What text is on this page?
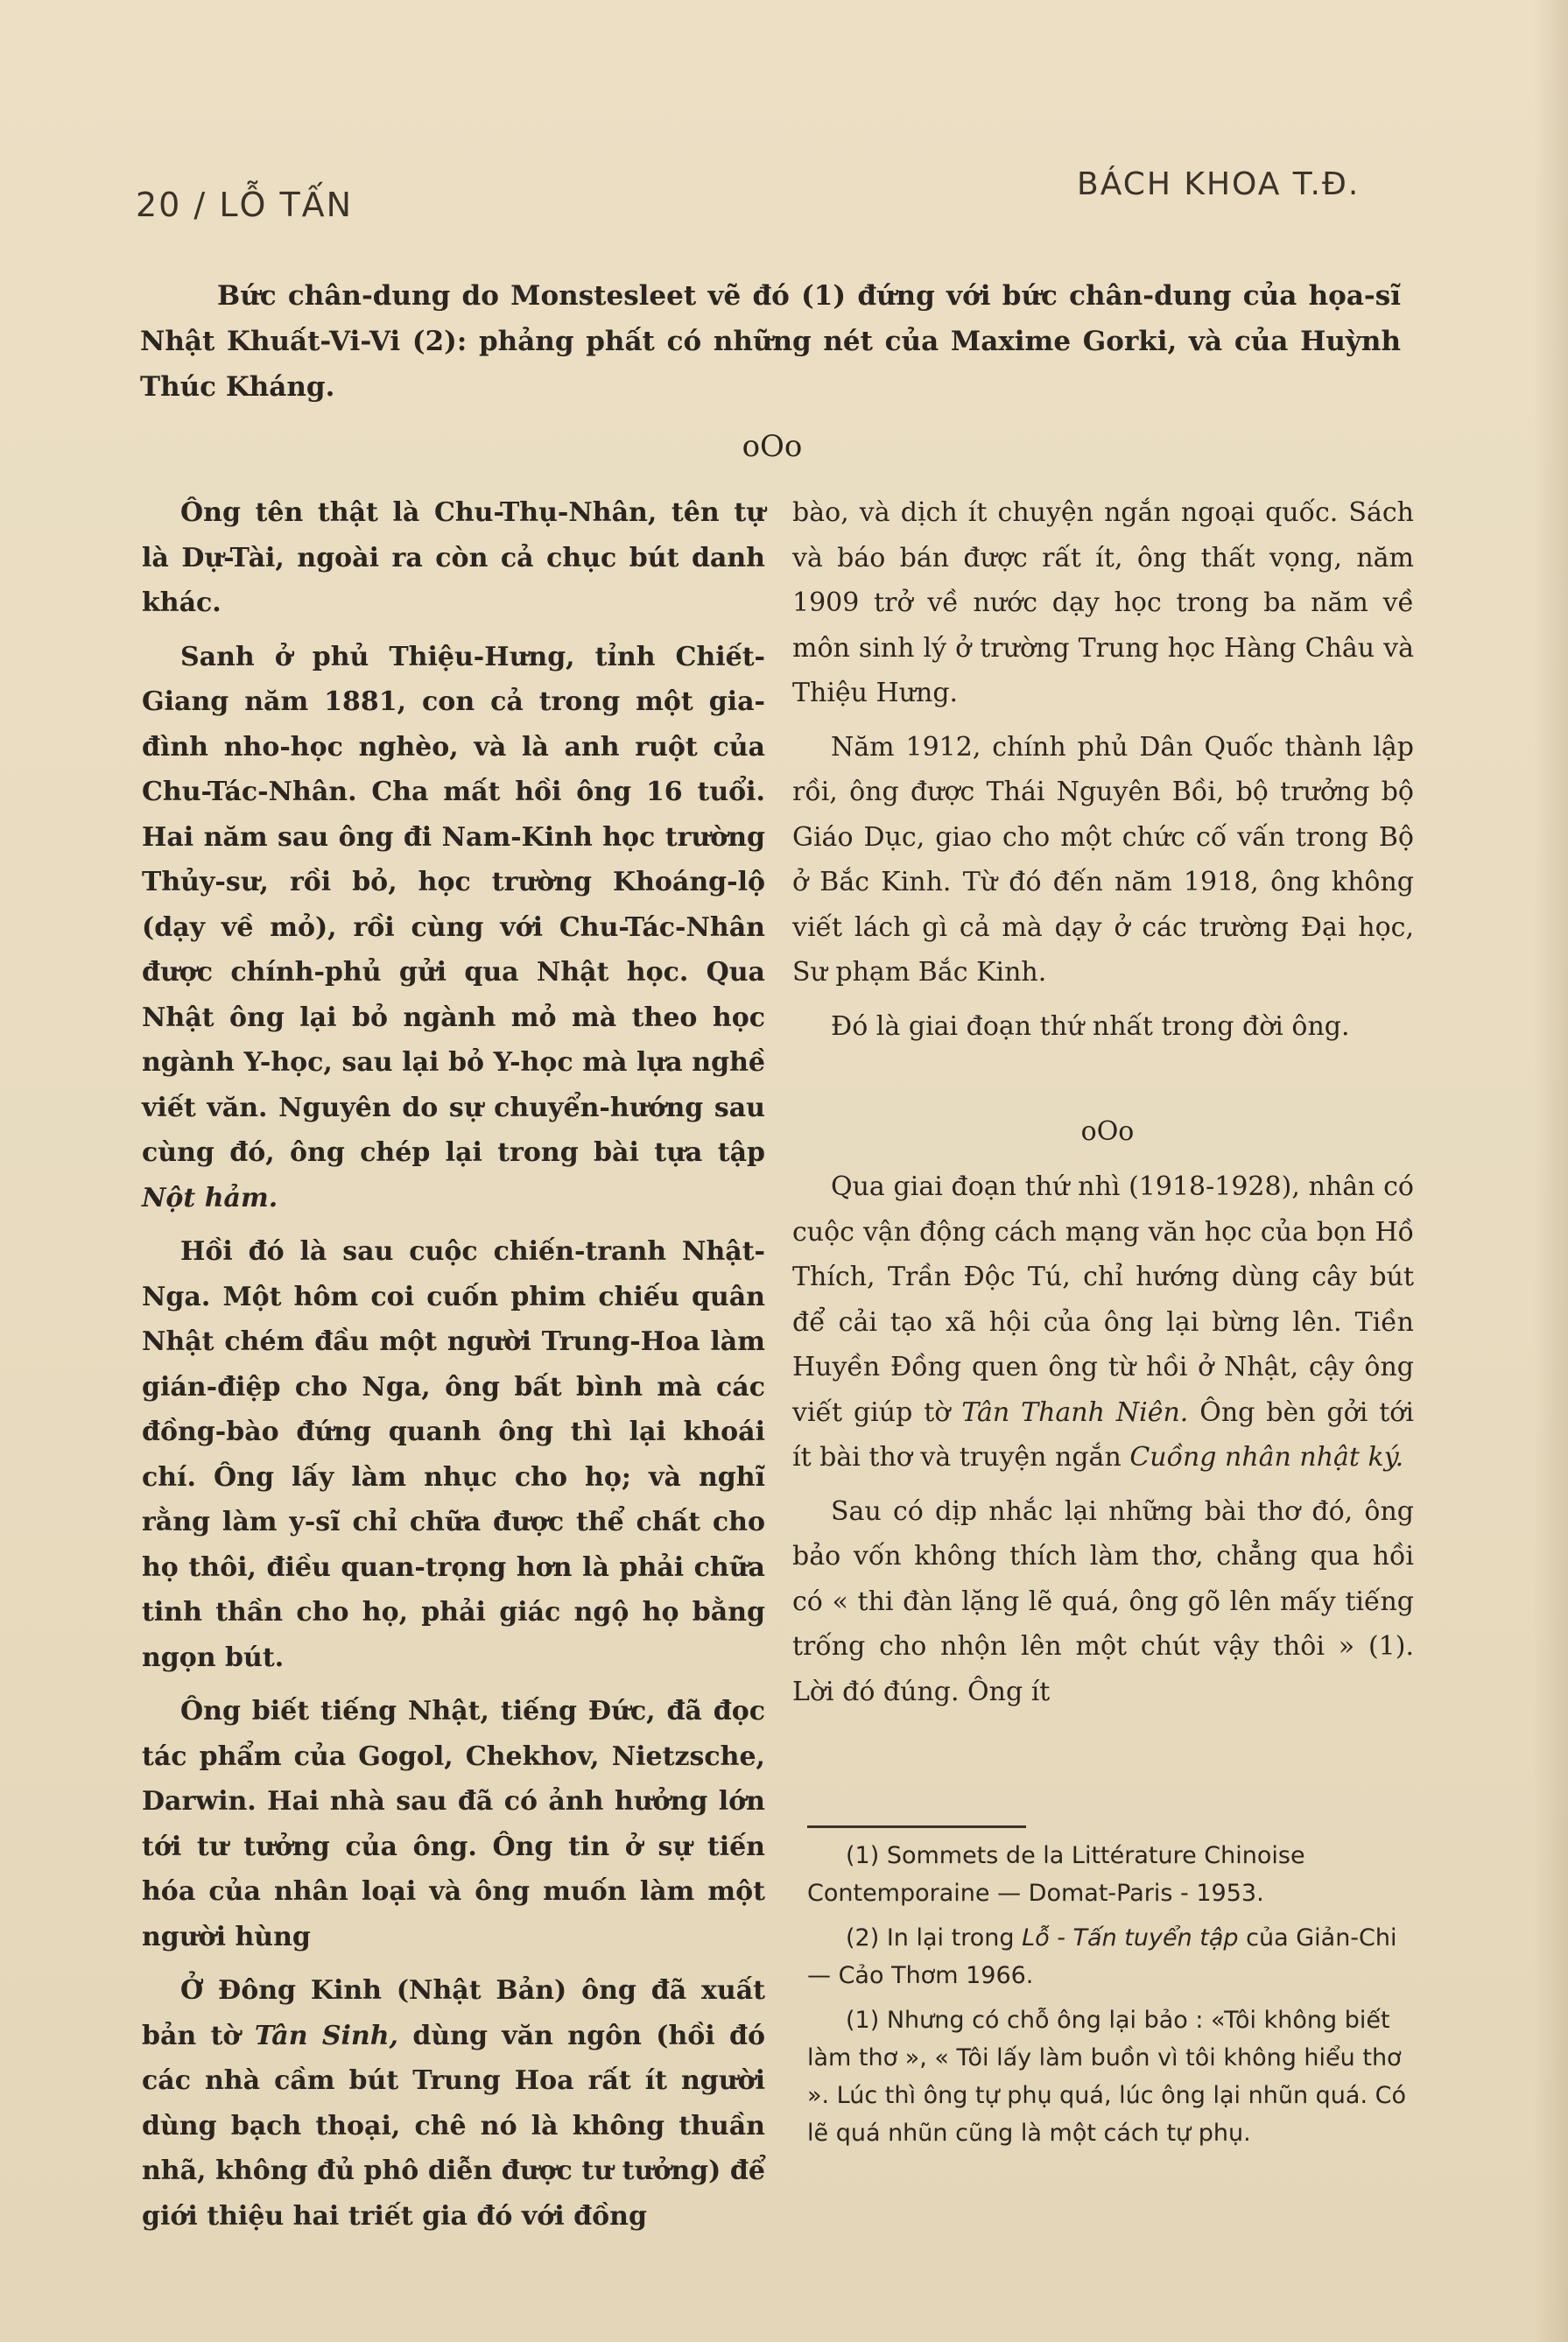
20 / LỖ TẤN
BÁCH KHOA T.Đ.
Bức chân-dung do Monstesleet vẽ đó (1) đứng với bức chân-dung của họa-sĩ Nhật Khuất-Vi-Vi (2): phảng phất có những nét của Maxime Gorki, và của Huỳnh Thúc Kháng.
oOo

Ông tên thật là Chu-Thụ-Nhân, tên tự là Dự-Tài, ngoài ra còn cả chục bút danh khác.

Sanh ở phủ Thiệu-Hưng, tỉnh Chiết-Giang năm 1881, con cả trong một gia-đình nho-học nghèo, và là anh ruột của Chu-Tác-Nhân. Cha mất hồi ông 16 tuổi. Hai năm sau ông đi Nam-Kinh học trường Thủy-sư, rồi bỏ, học trường Khoáng-lộ (dạy về mỏ), rồi cùng với Chu-Tác-Nhân được chính-phủ gửi qua Nhật học. Qua Nhật ông lại bỏ ngành mỏ mà theo học ngành Y-học, sau lại bỏ Y-học mà lựa nghề viết văn. Nguyên do sự chuyển-hướng sau cùng đó, ông chép lại trong bài tựa tập Nột hảm.

Hồi đó là sau cuộc chiến-tranh Nhật-Nga. Một hôm coi cuốn phim chiếu quân Nhật chém đầu một người Trung-Hoa làm gián-điệp cho Nga, ông bất bình mà các đồng-bào đứng quanh ông thì lại khoái chí. Ông lấy làm nhục cho họ; và nghĩ rằng làm y-sĩ chỉ chữa được thể chất cho họ thôi, điều quan-trọng hơn là phải chữa tinh thần cho họ, phải giác ngộ họ bằng ngọn bút.

Ông biết tiếng Nhật, tiếng Đức, đã đọc tác phẩm của Gogol, Chekhov, Nietzsche, Darwin. Hai nhà sau đã có ảnh hưởng lớn tới tư tưởng của ông. Ông tin ở sự tiến hóa của nhân loại và ông muốn làm một người hùng

Ở Đông Kinh (Nhật Bản) ông đã xuất bản tờ Tân Sinh, dùng văn ngôn (hồi đó các nhà cầm bút Trung Hoa rất ít người dùng bạch thoại, chê nó là không thuần nhã, không đủ phô diễn được tư tưởng) để giới thiệu hai triết gia đó với đồng

bào, và dịch ít chuyện ngắn ngoại quốc. Sách và báo bán được rất ít, ông thất vọng, năm 1909 trở về nước dạy học trong ba năm về môn sinh lý ở trường Trung học Hàng Châu và Thiệu Hưng.

Năm 1912, chính phủ Dân Quốc thành lập rồi, ông được Thái Nguyên Bồi, bộ trưởng bộ Giáo Dục, giao cho một chức cố vấn trong Bộ ở Bắc Kinh. Từ đó đến năm 1918, ông không viết lách gì cả mà dạy ở các trường Đại học, Sư phạm Bắc Kinh.

Đó là giai đoạn thứ nhất trong đời ông.

oOo

Qua giai đoạn thứ nhì (1918-1928), nhân có cuộc vận động cách mạng văn học của bọn Hồ Thích, Trần Độc Tú, chỉ hướng dùng cây bút để cải tạo xã hội của ông lại bừng lên. Tiền Huyền Đồng quen ông từ hồi ở Nhật, cậy ông viết giúp tờ Tân Thanh Niên. Ông bèn gởi tới ít bài thơ và truyện ngắn Cuồng nhân nhật ký.

Sau có dịp nhắc lại những bài thơ đó, ông bảo vốn không thích làm thơ, chẳng qua hồi có « thi đàn lặng lẽ quá, ông gõ lên mấy tiếng trống cho nhộn lên một chút vậy thôi » (1). Lời đó đúng. Ông ít

(1) Sommets de la Littérature Chinoise Contemporaine — Domat-Paris - 1953.

(2) In lại trong Lỗ - Tấn tuyển tập của Giản-Chi — Cảo Thơm 1966.

(1) Nhưng có chỗ ông lại bảo : «Tôi không biết làm thơ », « Tôi lấy làm buồn vì tôi không hiểu thơ ». Lúc thì ông tự phụ quá, lúc ông lại nhũn quá. Có lẽ quá nhũn cũng là một cách tự phụ.
